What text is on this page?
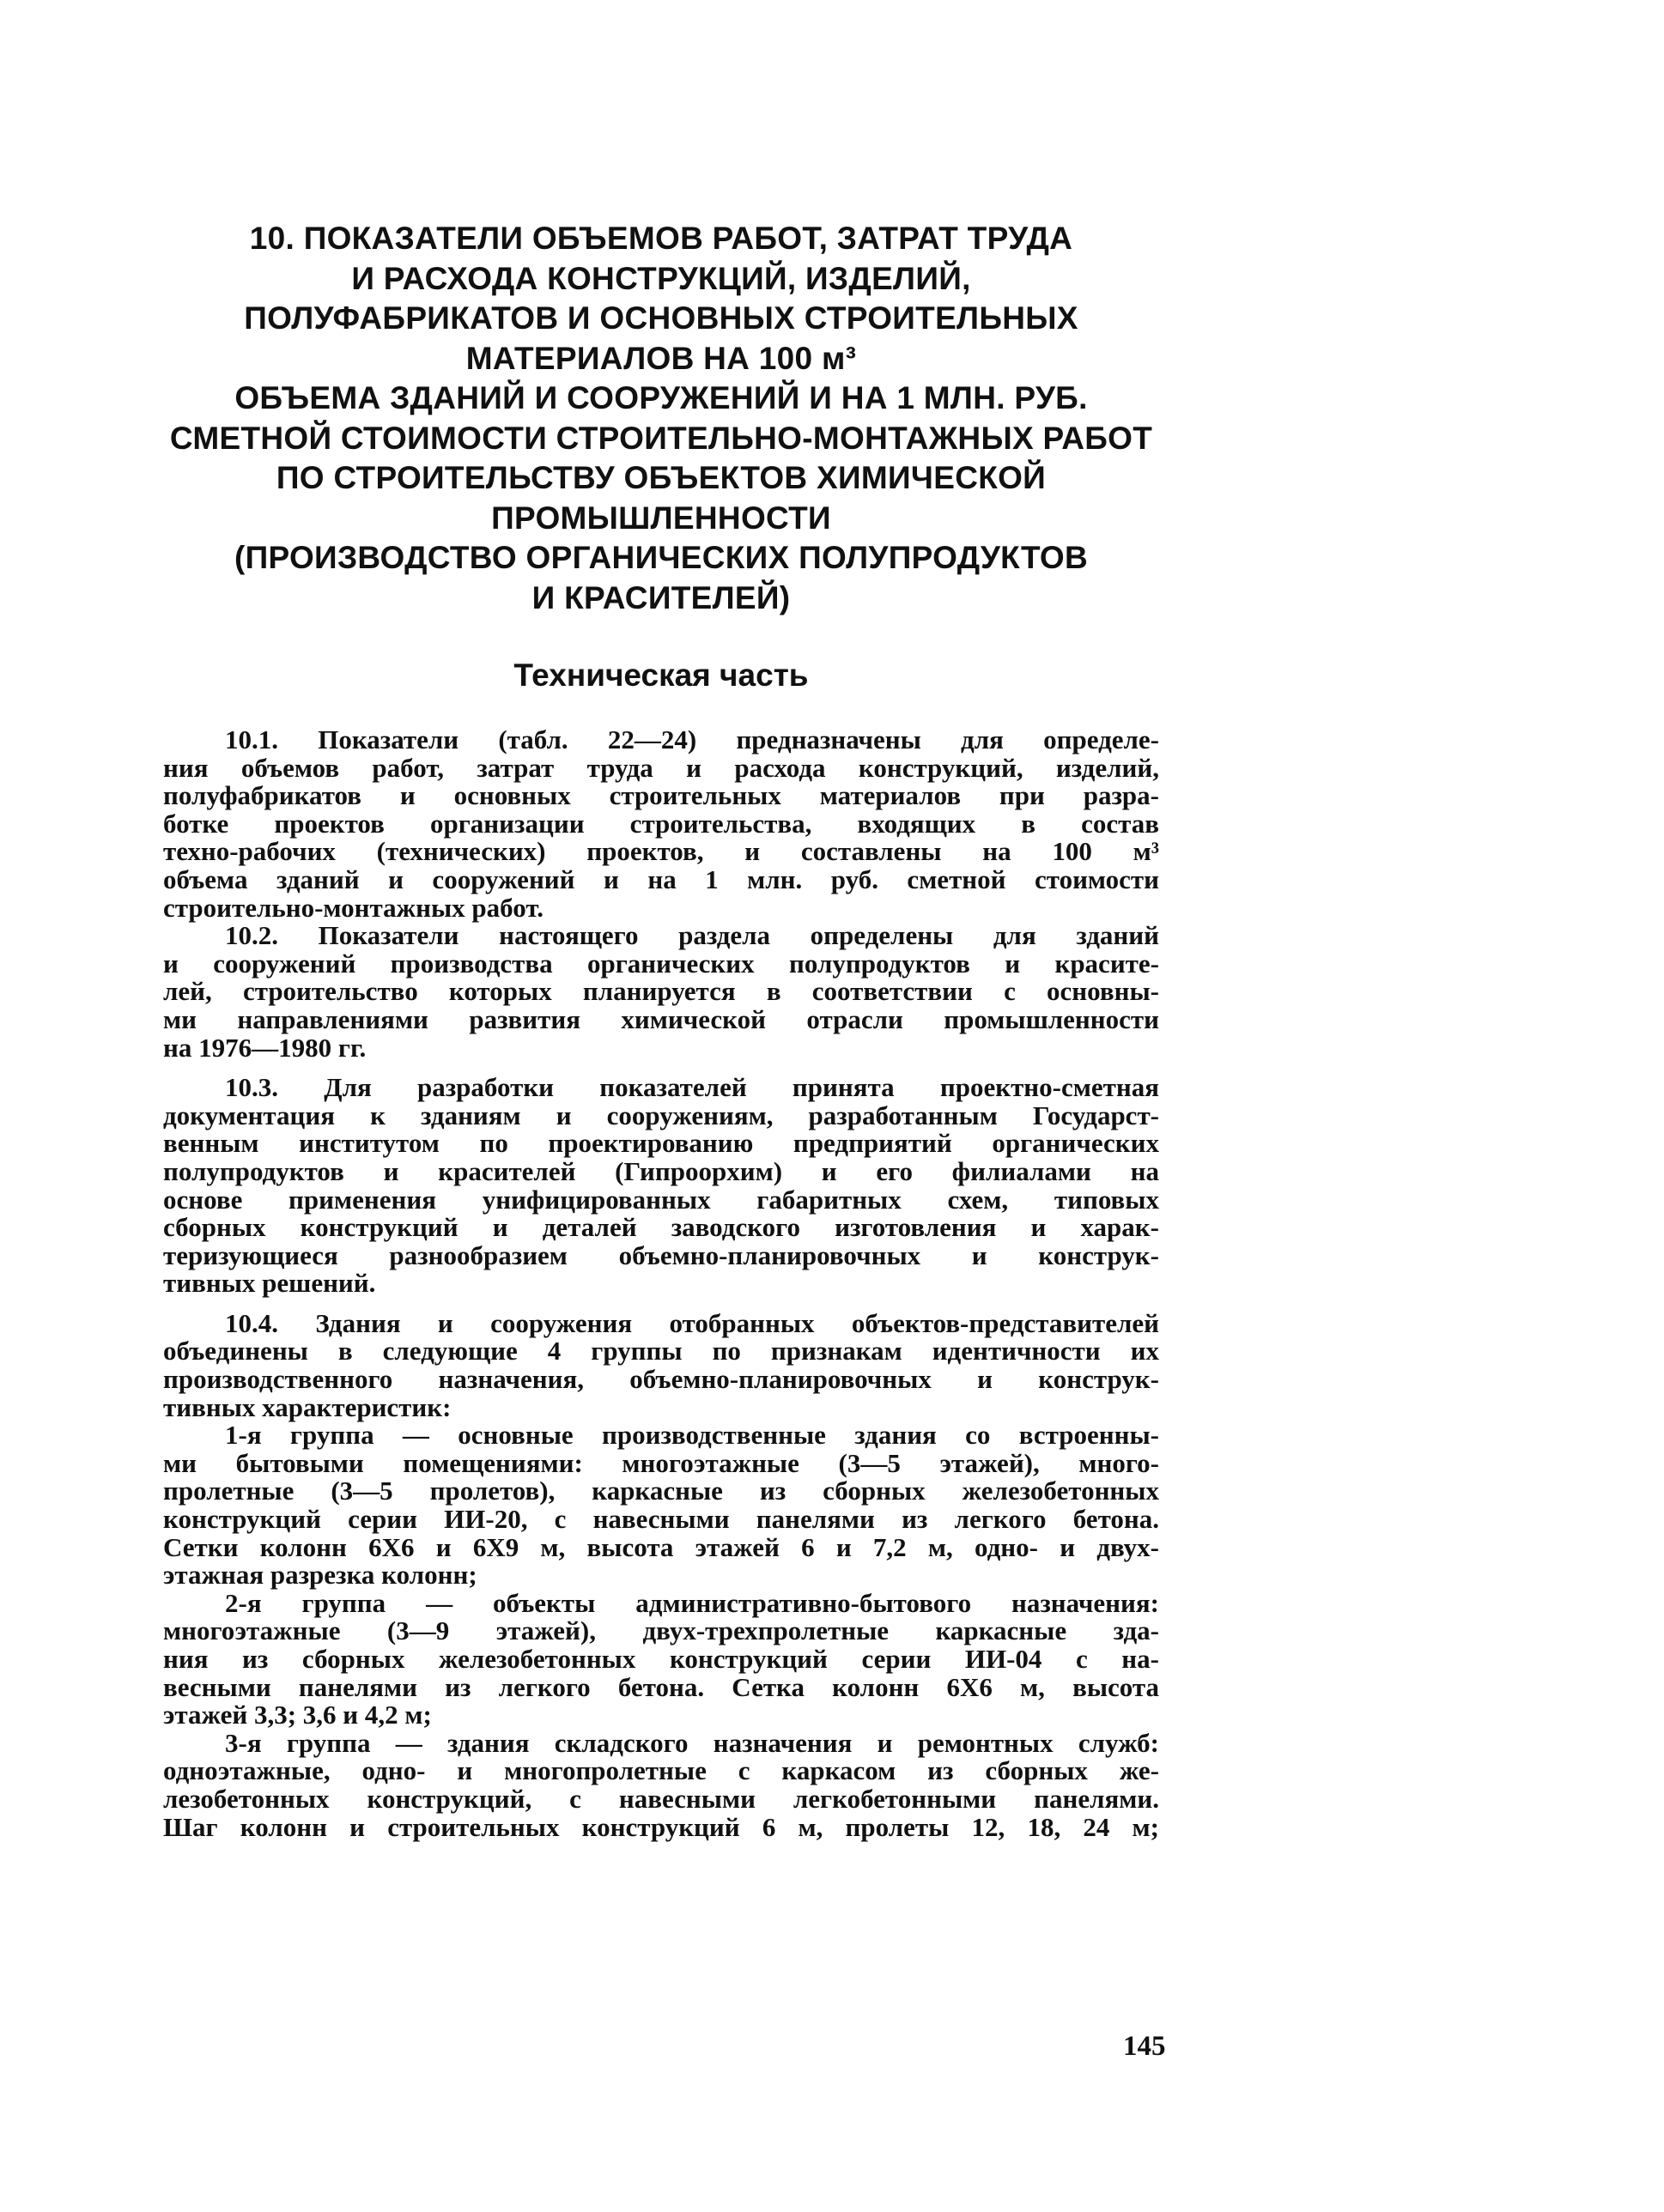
10. ПОКАЗАТЕЛИ ОБЪЕМОВ РАБОТ, ЗАТРАТ ТРУДА
И РАСХОДА КОНСТРУКЦИЙ, ИЗДЕЛИЙ,
ПОЛУФАБРИКАТОВ И ОСНОВНЫХ СТРОИТЕЛЬНЫХ
МАТЕРИАЛОВ НА 100 м³
ОБЪЕМА ЗДАНИЙ И СООРУЖЕНИЙ И НА 1 МЛН. РУБ.
СМЕТНОЙ СТОИМОСТИ СТРОИТЕЛЬНО-МОНТАЖНЫХ РАБОТ
ПО СТРОИТЕЛЬСТВУ ОБЪЕКТОВ ХИМИЧЕСКОЙ
ПРОМЫШЛЕННОСТИ
(ПРОИЗВОДСТВО ОРГАНИЧЕСКИХ ПОЛУПРОДУКТОВ
И КРАСИТЕЛЕЙ)
Техническая часть
10.1. Показатели (табл. 22—24) предназначены для определе-
ния объемов работ, затрат труда и расхода конструкций, изделий,
полуфабрикатов и основных строительных материалов при разра-
ботке проектов организации строительства, входящих в состав
техно-рабочих (технических) проектов, и составлены на 100 м³
объема зданий и сооружений и на 1 млн. руб. сметной стоимости
строительно-монтажных работ.
10.2. Показатели настоящего раздела определены для зданий
и сооружений производства органических полупродуктов и красите-
лей, строительство которых планируется в соответствии с основны-
ми направлениями развития химической отрасли промышленности
на 1976—1980 гг.
10.3. Для разработки показателей принята проектно-сметная
документация к зданиям и сооружениям, разработанным Государст-
венным институтом по проектированию предприятий органических
полупродуктов и красителей (Гипроорхим) и его филиалами на
основе применения унифицированных габаритных схем, типовых
сборных конструкций и деталей заводского изготовления и харак-
теризующиеся разнообразием объемно-планировочных и конструк-
тивных решений.
10.4. Здания и сооружения отобранных объектов-представителей
объединены в следующие 4 группы по признакам идентичности их
производственного назначения, объемно-планировочных и конструк-
тивных характеристик:
1-я группа — основные производственные здания со встроенны-
ми бытовыми помещениями: многоэтажные (3—5 этажей), много-
пролетные (3—5 пролетов), каркасные из сборных железобетонных
конструкций серии ИИ-20, с навесными панелями из легкого бетона.
Сетки колонн 6Х6 и 6Х9 м, высота этажей 6 и 7,2 м, одно- и двух-
этажная разрезка колонн;
2-я группа — объекты административно-бытового назначения:
многоэтажные (3—9 этажей), двух-трехпролетные каркасные зда-
ния из сборных железобетонных конструкций серии ИИ-04 с на-
весными панелями из легкого бетона. Сетка колонн 6Х6 м, высота
этажей 3,3; 3,6 и 4,2 м;
3-я группа — здания складского назначения и ремонтных служб:
одноэтажные, одно- и многопролетные с каркасом из сборных же-
лезобетонных конструкций, с навесными легкобетонными панелями.
Шаг колонн и строительных конструкций 6 м, пролеты 12, 18, 24 м;
145
